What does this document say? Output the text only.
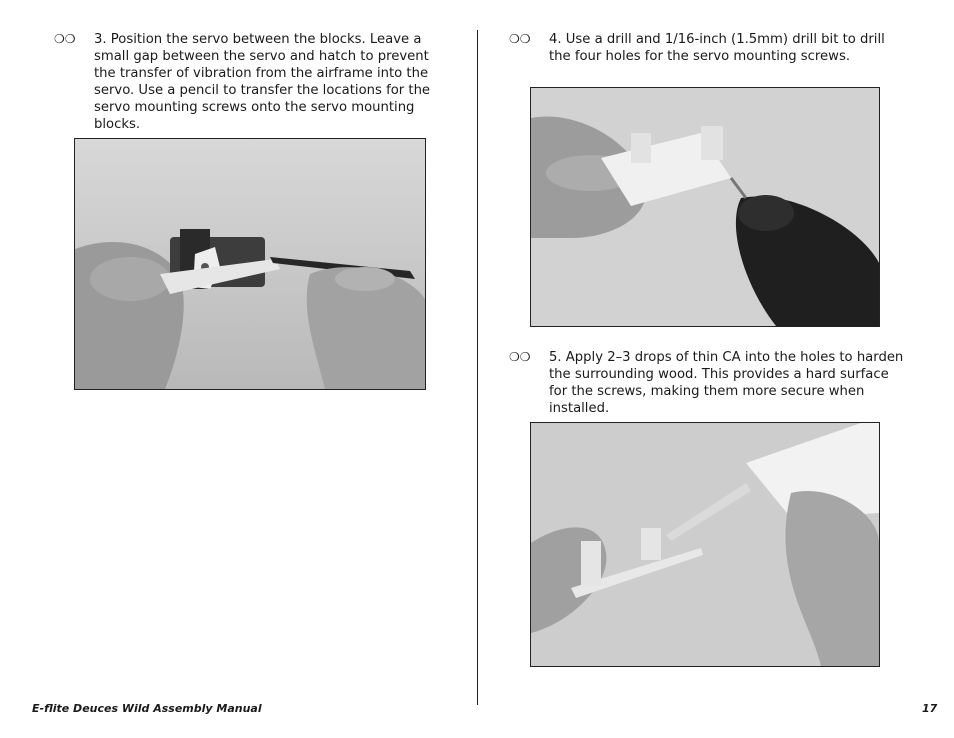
❍❍ 3. Position the servo between the blocks. Leave a small gap between the servo and hatch to prevent the transfer of vibration from the airframe into the servo. Use a pencil to transfer the locations for the servo mounting screws onto the servo mounting blocks.
❍❍ 4. Use a drill and 1/16-inch (1.5mm) drill bit to drill the four holes for the servo mounting screws.
❍❍ 5. Apply 2–3 drops of thin CA into the holes to harden the surrounding wood. This provides a hard surface for the screws, making them more secure when installed.
E-flite Deuces Wild Assembly Manual	17
